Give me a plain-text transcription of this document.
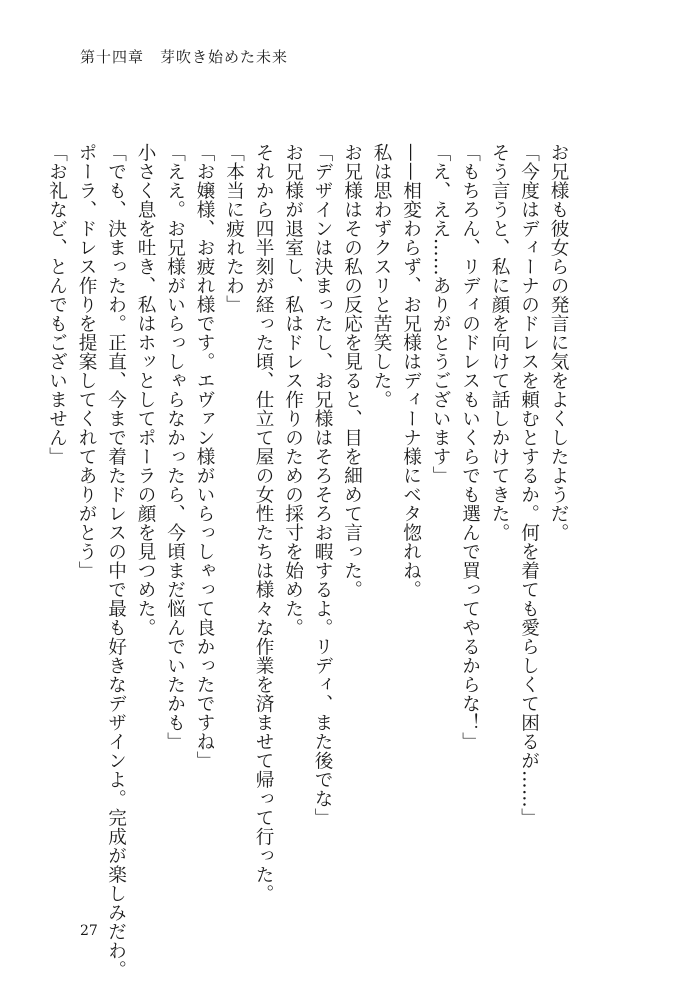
第十四章　芽吹き始めた未来
お兄様も彼女らの発言に気をよくしたようだ。
「今度はディーナのドレスを頼むとするか。何を着ても愛らしくて困るが……」
そう言うと、私に顔を向けて話しかけてきた。
「もちろん、リディのドレスもいくらでも選んで買ってやるからな！」
「え、ええ……ありがとうございます」
——相変わらず、お兄様はディーナ様にベタ惚れね。
私は思わずクスリと苦笑した。
お兄様はその私の反応を見ると、目を細めて言った。
「デザインは決まったし、お兄様はそろそろお暇するよ。リディ、また後でな」
お兄様が退室し、私はドレス作りのための採寸を始めた。
それから四半刻が経った頃、仕立て屋の女性たちは様々な作業を済ませて帰って行った。
「本当に疲れたわ」
「お嬢様、お疲れ様です。エヴァン様がいらっしゃって良かったですね」
「ええ。お兄様がいらっしゃらなかったら、今頃まだ悩んでいたかも」
小さく息を吐き、私はホッとしてポーラの顔を見つめた。
「でも、決まったわ。正直、今まで着たドレスの中で最も好きなデザインよ。完成が楽しみだわ。
ポーラ、ドレス作りを提案してくれてありがとう」
「お礼など、とんでもございません」
27
